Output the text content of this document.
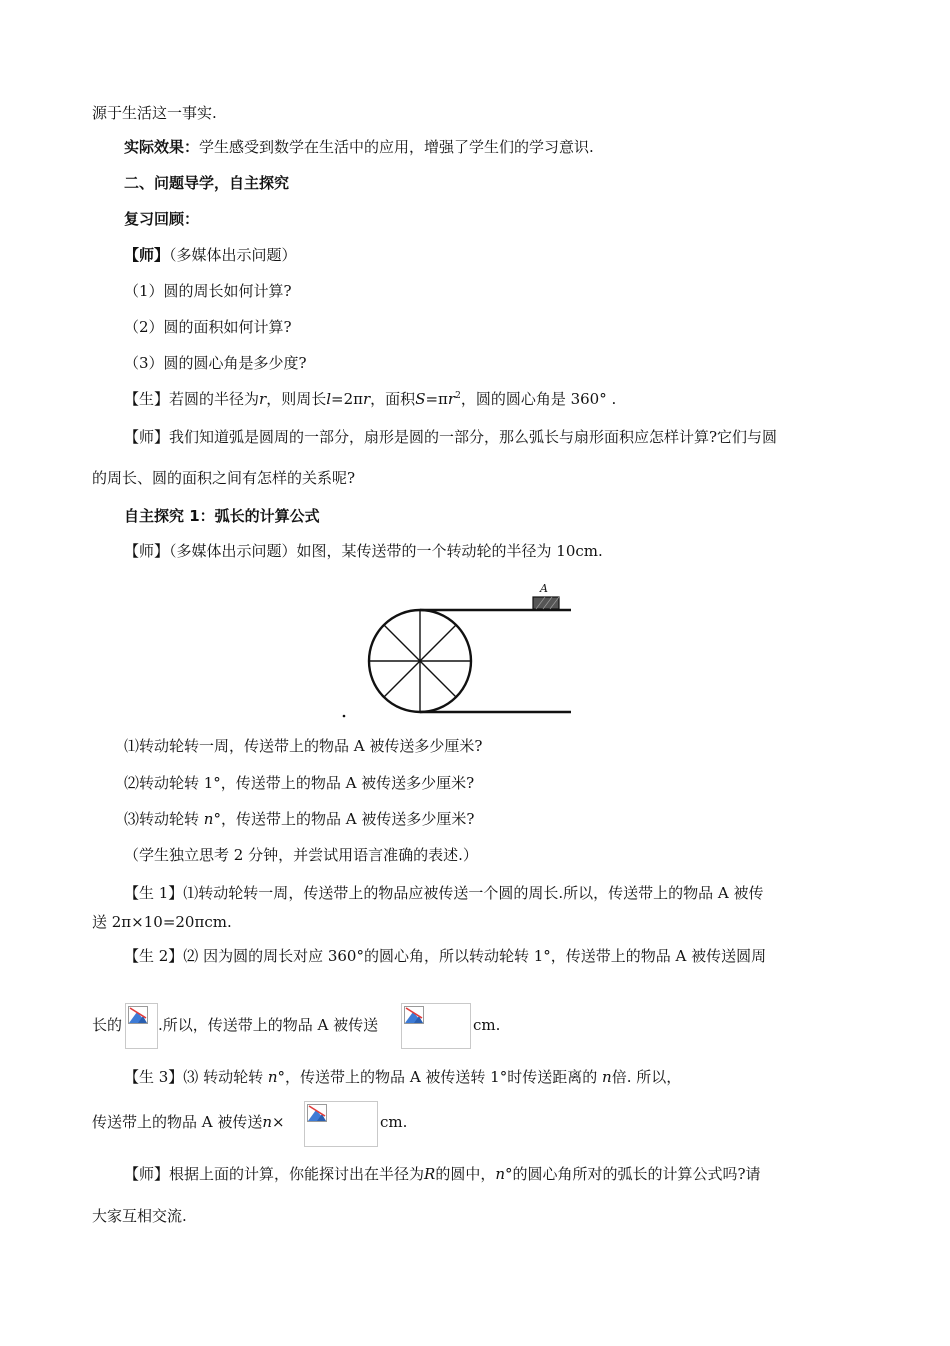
源于生活这一事实.
实际效果：学生感受到数学在生活中的应用，增强了学生们的学习意识.
二、问题导学，自主探究
复习回顾：
【师】（多媒体出示问题）
（1）圆的周长如何计算?
（2）圆的面积如何计算?
（3）圆的圆心角是多少度?
【生】若圆的半径为r，则周长l=2πr，面积$S=\pi r^2$，圆的圆心角是 360° .
【师】我们知道弧是圆周的一部分，扇形是圆的一部分，那么弧长与扇形面积应怎样计算?它们与圆
的周长、圆的面积之间有怎样的关系呢?
自主探究 1：弧长的计算公式
【师】（多媒体出示问题）如图，某传送带的一个转动轮的半径为 10cm.
A
⑴转动轮转一周，传送带上的物品 A 被传送多少厘米?
⑵转动轮转 1°，传送带上的物品 A 被传送多少厘米?
⑶转动轮转 n°，传送带上的物品 A 被传送多少厘米?
（学生独立思考 2 分钟，并尝试用语言准确的表述.）
【生 1】⑴转动轮转一周，传送带上的物品应被传送一个圆的周长.所以，传送带上的物品 A 被传
送 2π×10=20πcm.
【生 2】⑵ 因为圆的周长对应 360°的圆心角，所以转动轮转 1°，传送带上的物品 A 被传送圆周
长的 .所以，传送带上的物品 A 被传送	cm.
【生 3】⑶ 转动轮转 n°，传送带上的物品 A 被传送转 1°时传送距离的 n倍. 所以，
传送带上的物品 A 被传送n×	cm.
【师】根据上面的计算，你能探讨出在半径为R的圆中，n°的圆心角所对的弧长的计算公式吗?请
大家互相交流.
